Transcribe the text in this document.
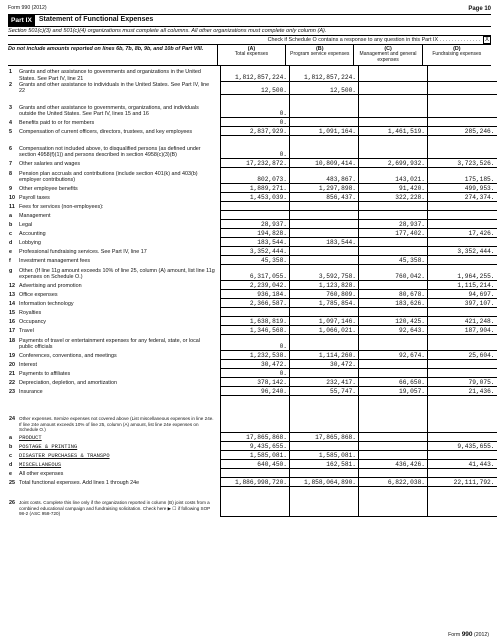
Form 990 (2012)	Page 10
Part IX	Statement of Functional Expenses
Section 501(c)(3) and 501(c)(4) organizations must complete all columns. All other organizations must complete only column (A).
Check if Schedule O contains a response to any question in this Part IX . . . . . . . . . . . . . . X
Do not include amounts reported on lines 6b, 7b, 8b, 9b, and 10b of Part VIII.	(A)
Total expenses
(B)
Program service expenses
(C)
Management and general expenses
(D)
Fundraising expenses
1 Grants and other assistance to governments and organizations in the United States. See Part IV, line 21	1,812,857,224.	1,812,857,224.		
2 Grants and other assistance to individuals in the United States. See Part IV, line 22	12,500.	12,500.		
3 Grants and other assistance to governments, organizations, and individuals outside the United States. See Part IV, lines 15 and 16	0.			
4 Benefits paid to or for members	0.			
5 Compensation of current officers, directors, trustees, and key employees	2,837,929.	1,091,164.	1,461,519.	285,246.
6 Compensation not included above, to disqualified persons (as defined under section 4958(f)(1)) and persons described in section 4958(c)(3)(B)	0.			
7 Other salaries and wages	17,232,872.	10,809,414.	2,699,932.	3,723,526.
8 Pension plan accruals and contributions (include section 401(k) and 403(b) employer contributions)	802,073.	483,867.	143,021.	175,185.
9 Other employee benefits	1,889,271.	1,297,898.	91,420.	499,953.
10 Payroll taxes	1,453,039.	856,437.	322,228.	274,374.
11 Fees for services (non-employees):				
a Management				
b Legal	28,937.		28,937.	
c Accounting	194,828.		177,402.	17,426.
d Lobbying	183,544.	183,544.		
e Professional fundraising services. See Part IV, line 17	3,352,444.			3,352,444.
f Investment management fees	45,358.		45,358.	
g Other. (If line 11g amount exceeds 10% of line 25, column (A) amount, list line 11g expenses on Schedule O.)	6,317,055.	3,592,758.	760,042.	1,964,255.
12 Advertising and promotion	2,239,042.	1,123,828.		1,115,214.
13 Office expenses	936,184.	760,809.	80,678.	94,697.
14 Information technology	2,366,587.	1,785,854.	183,626.	397,107.
15 Royalties				
16 Occupancy	1,638,819.	1,097,146.	120,425.	421,248.
17 Travel	1,346,568.	1,066,021.	92,643.	187,904.
18 Payments of travel or entertainment expenses for any federal, state, or local public officials	0.			
19 Conferences, conventions, and meetings	1,232,538.	1,114,260.	92,674.	25,604.
20 Interest	30,472.	30,472.		
21 Payments to affiliates	0.			
22 Depreciation, depletion, and amortization	378,142.	232,417.	66,650.	79,075.
23 Insurance	96,240.	55,747.	19,057.	21,436.
24 Other expenses. Itemize expenses not covered above (List miscellaneous expenses in line 24e. If line 24e amount exceeds 10% of line 25, column (A) amount, list line 24e expenses on Schedule O.)				
a PRODUCT	17,865,868.	17,865,868.		
b POSTAGE & PRINTING	9,435,655.			9,435,655.
c DISASTER PURCHASES & TRANSPO	1,585,081.	1,585,081.		
d MISCELLANEOUS	640,450.	162,581.	436,426.	41,443.
e All other expenses				
25 Total functional expenses. Add lines 1 through 24e	1,886,998,720.	1,858,064,890.	6,822,038.	22,111,792.
26 Joint costs. Complete this line only if the organization reported in column (B) joint costs from a combined educational campaign and fundraising solicitation. Check here ▶ ☐ if following SOP 98-2 (ASC 958-720)				
Form 990 (2012)
